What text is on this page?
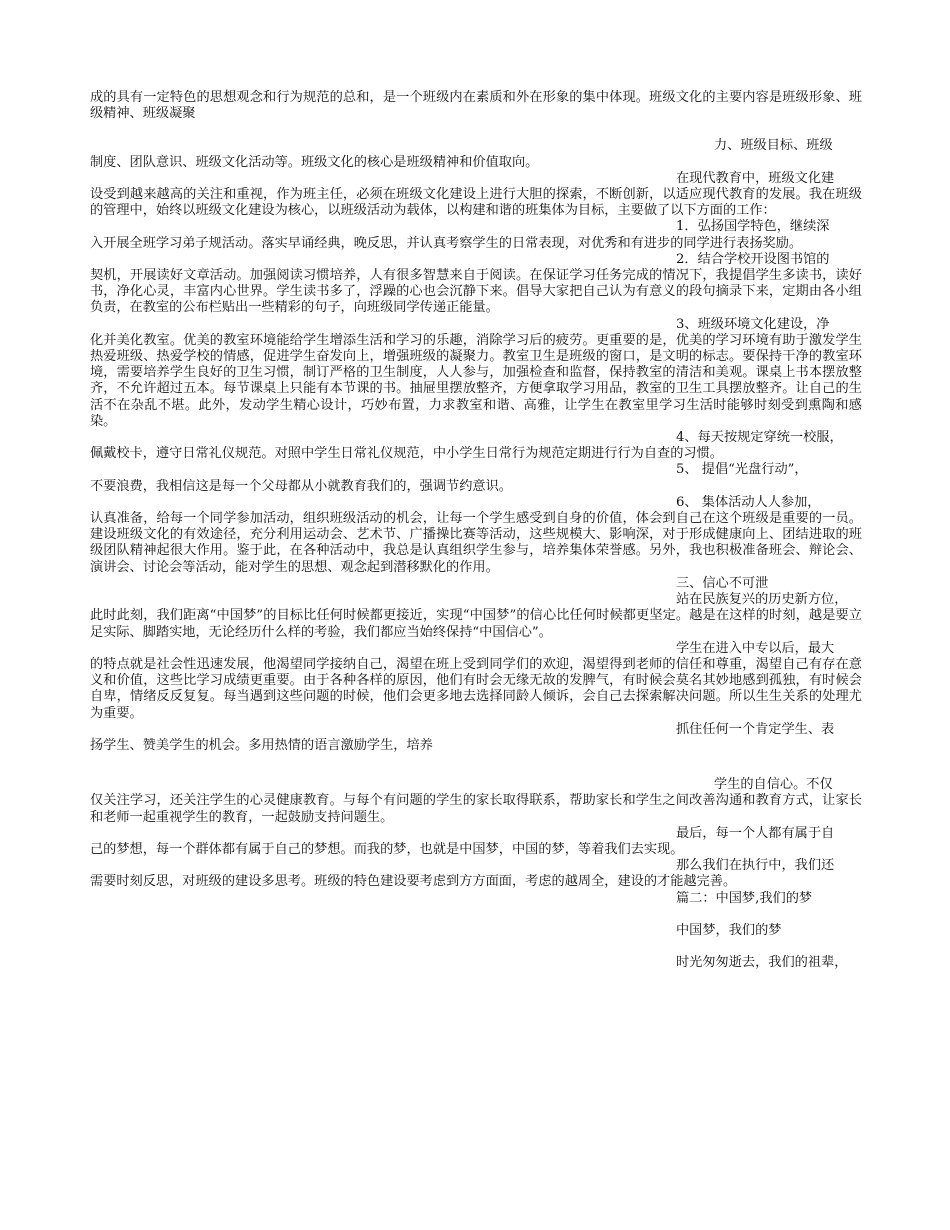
成的具有一定特色的思想观念和行为规范的总和，是一个班级内在素质和外在形象的集中体现。班级文化的主要内容是班级形象、班级精神、班级凝聚

力、班级目标、班级

制度、团队意识、班级文化活动等。班级文化的核心是班级精神和价值取向。

在现代教育中，班级文化建

设受到越来越高的关注和重视，作为班主任，必须在班级文化建设上进行大胆的探索，不断创新，以适应现代教育的发展。我在班级的管理中，始终以班级文化建设为核心，以班级活动为载体，以构建和谐的班集体为目标，主要做了以下方面的工作：

1．弘扬国学特色，继续深

入开展全班学习弟子规活动。落实早诵经典，晚反思，并认真考察学生的日常表现，对优秀和有进步的同学进行表扬奖励。

2．结合学校开设图书馆的

契机，开展读好文章活动。加强阅读习惯培养，人有很多智慧来自于阅读。在保证学习任务完成的情况下，我提倡学生多读书，读好书，净化心灵，丰富内心世界。学生读书多了，浮躁的心也会沉静下来。倡导大家把自己认为有意义的段句摘录下来，定期由各小组负责，在教室的公布栏贴出一些精彩的句子，向班级同学传递正能量。

3、班级环境文化建设，净

化并美化教室。优美的教室环境能给学生增添生活和学习的乐趣，消除学习后的疲劳。更重要的是，优美的学习环境有助于激发学生热爱班级、热爱学校的情感，促进学生奋发向上，增强班级的凝聚力。教室卫生是班级的窗口，是文明的标志。要保持干净的教室环境，需要培养学生良好的卫生习惯，制订严格的卫生制度，人人参与，加强检查和监督，保持教室的清洁和美观。课桌上书本摆放整齐，不允许超过五本。每节课桌上只能有本节课的书。抽屉里摆放整齐，方便拿取学习用品，教室的卫生工具摆放整齐。让自己的生活不在杂乱不堪。此外，发动学生精心设计，巧妙布置，力求教室和谐、高雅，让学生在教室里学习生活时能够时刻受到熏陶和感染。

4、每天按规定穿统一校服，

佩戴校卡，遵守日常礼仪规范。对照中学生日常礼仪规范，中小学生日常行为规范定期进行行为自查的习惯。

5、 提倡“光盘行动”，

不要浪费，我相信这是每一个父母都从小就教育我们的，强调节约意识。

6、 集体活动人人参加，

认真准备，给每一个同学参加活动，组织班级活动的机会，让每一个学生感受到自身的价值，体会到自己在这个班级是重要的一员。建设班级文化的有效途径，充分利用运动会、艺术节、广播操比赛等活动，这些规模大、影响深，对于形成健康向上、团结进取的班级团队精神起很大作用。鉴于此，在各种活动中，我总是认真组织学生参与，培养集体荣誉感。另外，我也积极准备班会、辩论会、演讲会、讨论会等活动，能对学生的思想、观念起到潜移默化的作用。

三、信心不可泄

站在民族复兴的历史新方位，

此时此刻，我们距离“中国梦”的目标比任何时候都更接近，实现“中国梦”的信心比任何时候都更坚定。越是在这样的时刻，越是要立足实际、脚踏实地，无论经历什么样的考验，我们都应当始终保持“中国信心”。

学生在进入中专以后，最大

的特点就是社会性迅速发展，他渴望同学接纳自己，渴望在班上受到同学们的欢迎，渴望得到老师的信任和尊重，渴望自己有存在意义和价值，这些比学习成绩更重要。由于各种各样的原因，他们有时会无缘无故的发脾气，有时候会莫名其妙地感到孤独，有时候会自卑，情绪反反复复。每当遇到这些问题的时候，他们会更多地去选择同龄人倾诉，会自己去探索解决问题。所以生生关系的处理尤为重要。

抓住任何一个肯定学生、表

扬学生、赞美学生的机会。多用热情的语言激励学生，培养

学生的自信心。不仅

仅关注学习，还关注学生的心灵健康教育。与每个有问题的学生的家长取得联系，帮助家长和学生之间改善沟通和教育方式，让家长和老师一起重视学生的教育，一起鼓励支持问题生。

最后，每一个人都有属于自

己的梦想，每一个群体都有属于自己的梦想。而我的梦，也就是中国梦，中国的梦，等着我们去实现。

那么我们在执行中，我们还

需要时刻反思，对班级的建设多思考。班级的特色建设要考虑到方方面面，考虑的越周全，建设的才能越完善。

篇二：中国梦,我们的梦

中国梦，我们的梦

时光匆匆逝去，我们的祖辈，
